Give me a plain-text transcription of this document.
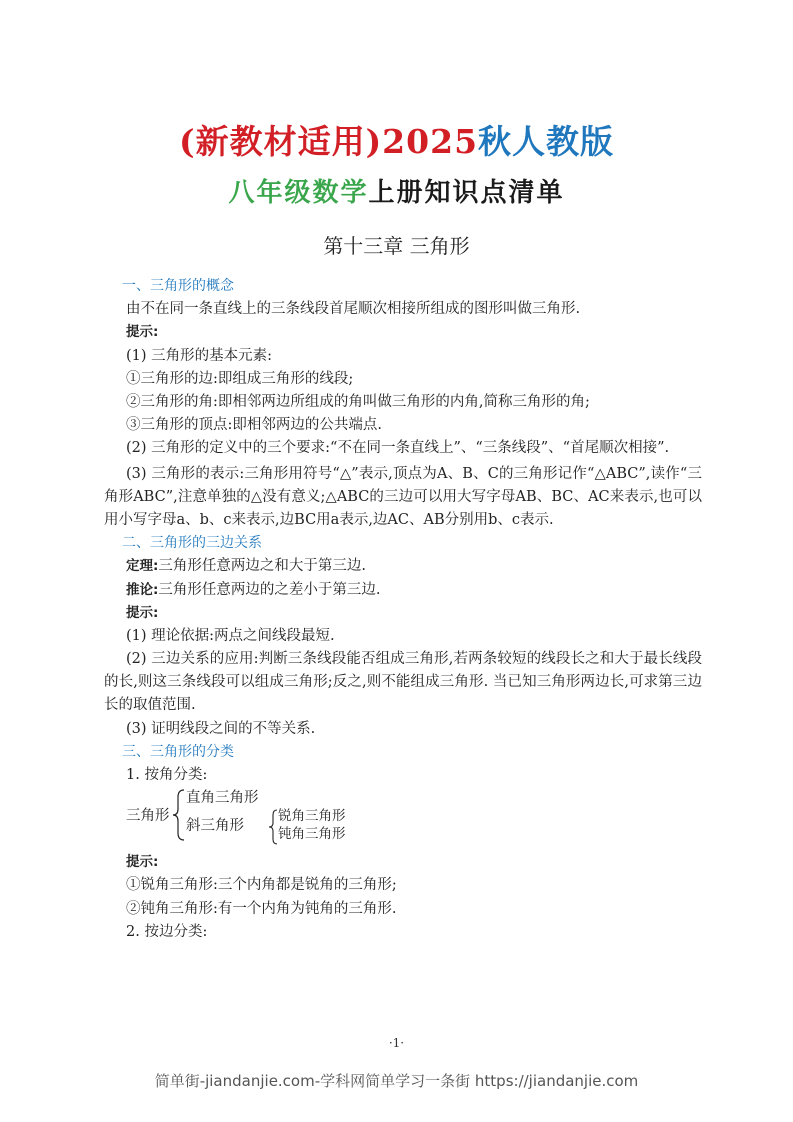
(新教材适用)2025秋人教版
八年级数学上册知识点清单
第十三章 三角形
一、三角形的概念
由不在同一条直线上的三条线段首尾顺次相接所组成的图形叫做三角形.
提示:
(1) 三角形的基本元素:
①三角形的边:即组成三角形的线段;
②三角形的角:即相邻两边所组成的角叫做三角形的内角,简称三角形的角;
③三角形的顶点:即相邻两边的公共端点.
(2) 三角形的定义中的三个要求:“不在同一条直线上”、“三条线段”、“首尾顺次相接”.
(3) 三角形的表示:三角形用符号“△”表示,顶点为A、B、C的三角形记作“△ABC”,读作“三角形ABC”,注意单独的△没有意义;△ABC的三边可以用大写字母AB、BC、AC来表示,也可以用小写字母a、b、c来表示,边BC用a表示,边AC、AB分别用b、c表示.
二、三角形的三边关系
定理:三角形任意两边之和大于第三边.
推论:三角形任意两边的之差小于第三边.
提示:
(1) 理论依据:两点之间线段最短.
(2) 三边关系的应用:判断三条线段能否组成三角形,若两条较短的线段长之和大于最长线段的长,则这三条线段可以组成三角形;反之,则不能组成三角形. 当已知三角形两边长,可求第三边长的取值范围.
(3) 证明线段之间的不等关系.
三、三角形的分类
1. 按角分类:
三角形
直角三角形
斜三角形
锐角三角形
钝角三角形
提示:
①锐角三角形:三个内角都是锐角的三角形;
②钝角三角形:有一个内角为钝角的三角形.
2. 按边分类:
·1·
简单街-jiandanjie.com-学科网简单学习一条街 https://jiandanjie.com
